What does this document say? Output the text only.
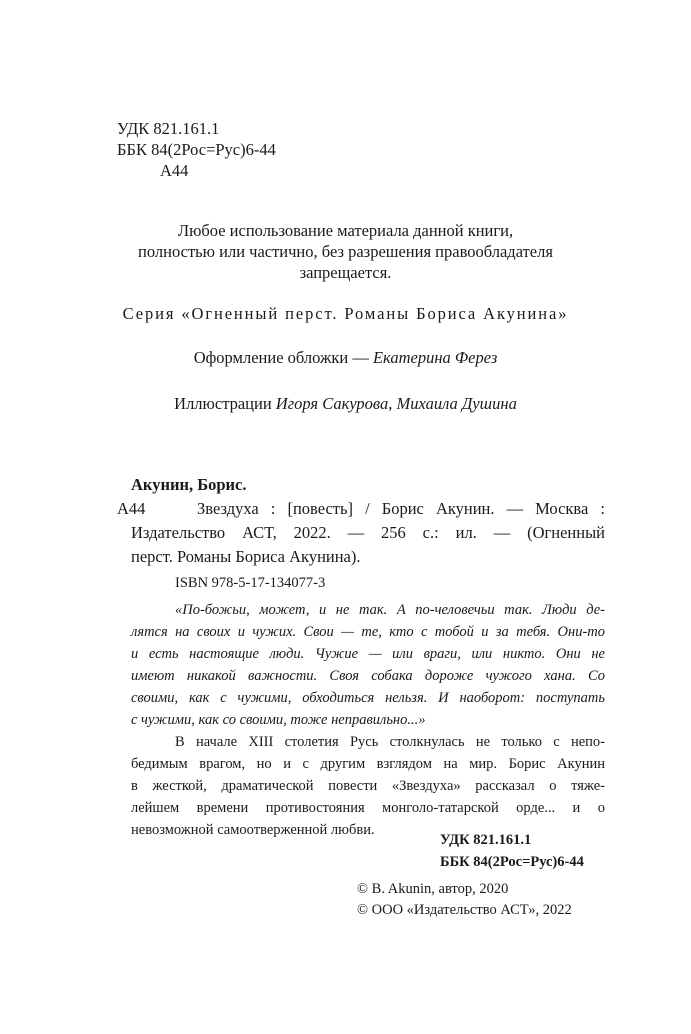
УДК 821.161.1
ББК 84(2Рос=Рус)6-44
А44
Любое использование материала данной книги,
полностью или частично, без разрешения правообладателя
запрещается.
Серия «Огненный перст. Романы Бориса Акунина»
Оформление обложки — Екатерина Ферез
Иллюстрации Игоря Сакурова, Михаила Душина
Акунин, Борис.
А44	Звездуха : [повесть] / Борис Акунин. — Москва :
Издательство АСТ, 2022. — 256 с.: ил. — (Огненный
перст. Романы Бориса Акунина).
ISBN 978-5-17-134077-3
«По-божьи, может, и не так. А по-человечьи так. Люди де-
лятся на своих и чужих. Свои — те, кто с тобой и за тебя. Они-то
и есть настоящие люди. Чужие — или враги, или никто. Они не
имеют никакой важности. Своя собака дороже чужого хана. Со
своими, как с чужими, обходиться нельзя. И наоборот: поступать
с чужими, как со своими, тоже неправильно...»
В начале XIII столетия Русь столкнулась не только с непо-
бедимым врагом, но и с другим взглядом на мир. Борис Акунин
в жесткой, драматической повести «Звездуха» рассказал о тяже-
лейшем времени противостояния монголо-татарской орде... и о
невозможной самоотверженной любви.
УДК 821.161.1
ББК 84(2Рос=Рус)6-44
© B. Akunin, автор, 2020
© ООО «Издательство АСТ», 2022
